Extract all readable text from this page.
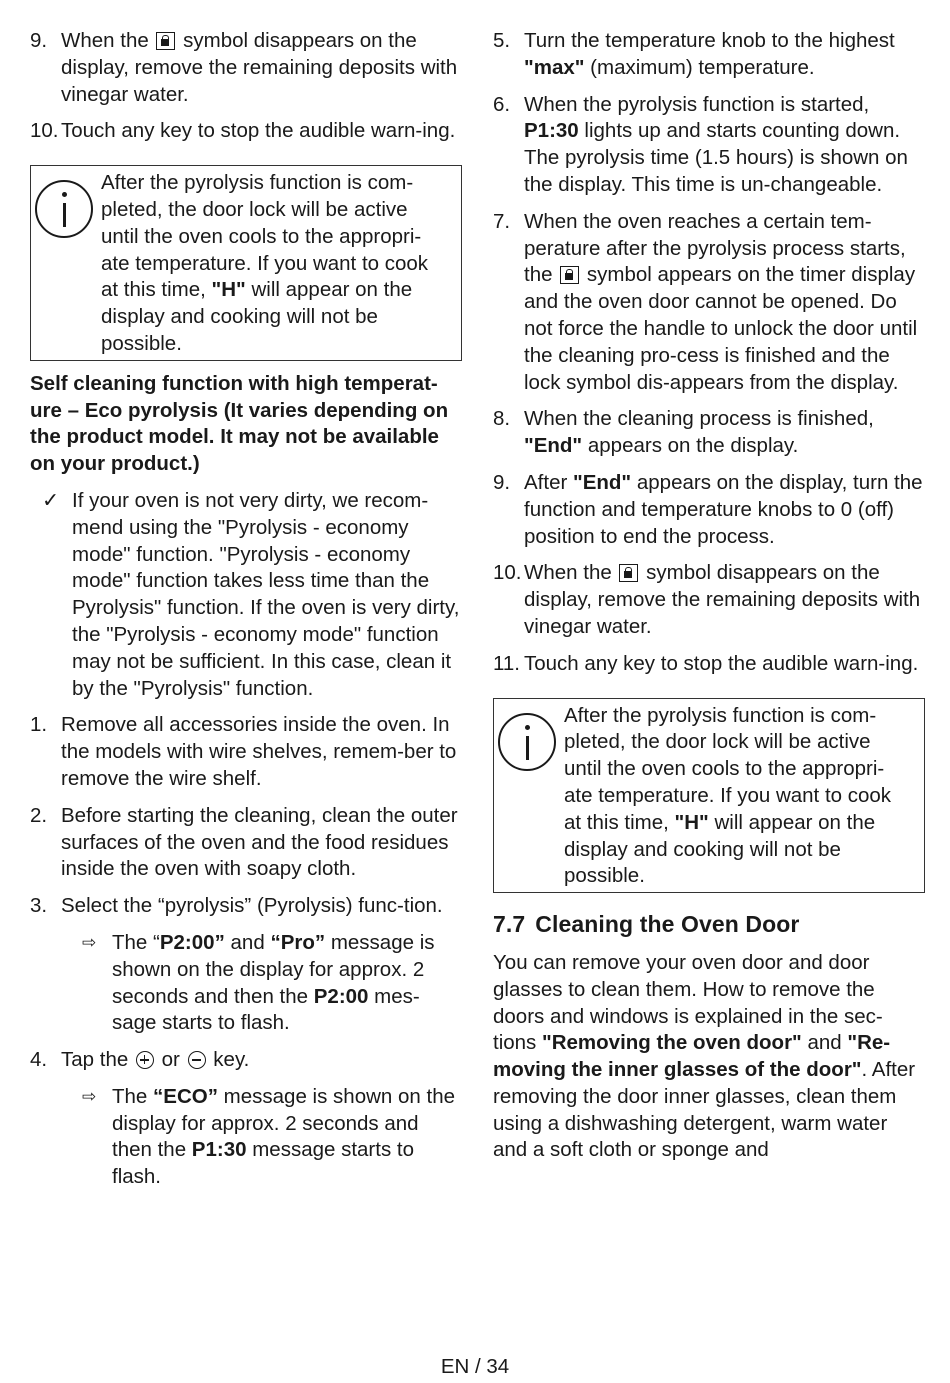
9. When the symbol disappears on the display, remove the remaining deposits with vinegar water.
10. Touch any key to stop the audible warn-ing.
After the pyrolysis function is com-pleted, the door lock will be active until the oven cools to the appropri-ate temperature. If you want to cook at this time, "H" will appear on the display and cooking will not be possible.
Self cleaning function with high temperat-ure – Eco pyrolysis (It varies depending on the product model. It may not be available on your product.)
✓ If your oven is not very dirty, we recom-mend using the "Pyrolysis - economy mode" function. "Pyrolysis - economy mode" function takes less time than the Pyrolysis" function. If the oven is very dirty, the "Pyrolysis - economy mode" function may not be sufficient. In this case, clean it by the "Pyrolysis" function.
1. Remove all accessories inside the oven. In the models with wire shelves, remem-ber to remove the wire shelf.
2. Before starting the cleaning, clean the outer surfaces of the oven and the food residues inside the oven with soapy cloth.
3. Select the “pyrolysis” (Pyrolysis) func-tion.
⇨ The “P2:00” and “Pro” message is shown on the display for approx. 2 seconds and then the P2:00 mes-sage starts to flash.
4. Tap the or key.
⇨ The “ECO” message is shown on the display for approx. 2 seconds and then the P1:30 message starts to flash.
5. Turn the temperature knob to the highest "max" (maximum) temperature.
6. When the pyrolysis function is started, P1:30 lights up and starts counting down. The pyrolysis time (1.5 hours) is shown on the display. This time is un-changeable.
7. When the oven reaches a certain tem-perature after the pyrolysis process starts, the symbol appears on the timer display and the oven door cannot be opened. Do not force the handle to unlock the door until the cleaning pro-cess is finished and the lock symbol dis-appears from the display.
8. When the cleaning process is finished, "End" appears on the display.
9. After "End" appears on the display, turn the function and temperature knobs to 0 (off) position to end the process.
10. When the symbol disappears on the display, remove the remaining deposits with vinegar water.
11. Touch any key to stop the audible warn-ing.
After the pyrolysis function is com-pleted, the door lock will be active until the oven cools to the appropri-ate temperature. If you want to cook at this time, "H" will appear on the display and cooking will not be possible.
7.7 Cleaning the Oven Door
You can remove your oven door and door glasses to clean them. How to remove the doors and windows is explained in the sec-tions "Removing the oven door" and "Re-moving the inner glasses of the door". After removing the door inner glasses, clean them using a dishwashing detergent, warm water and a soft cloth or sponge and
EN / 34
